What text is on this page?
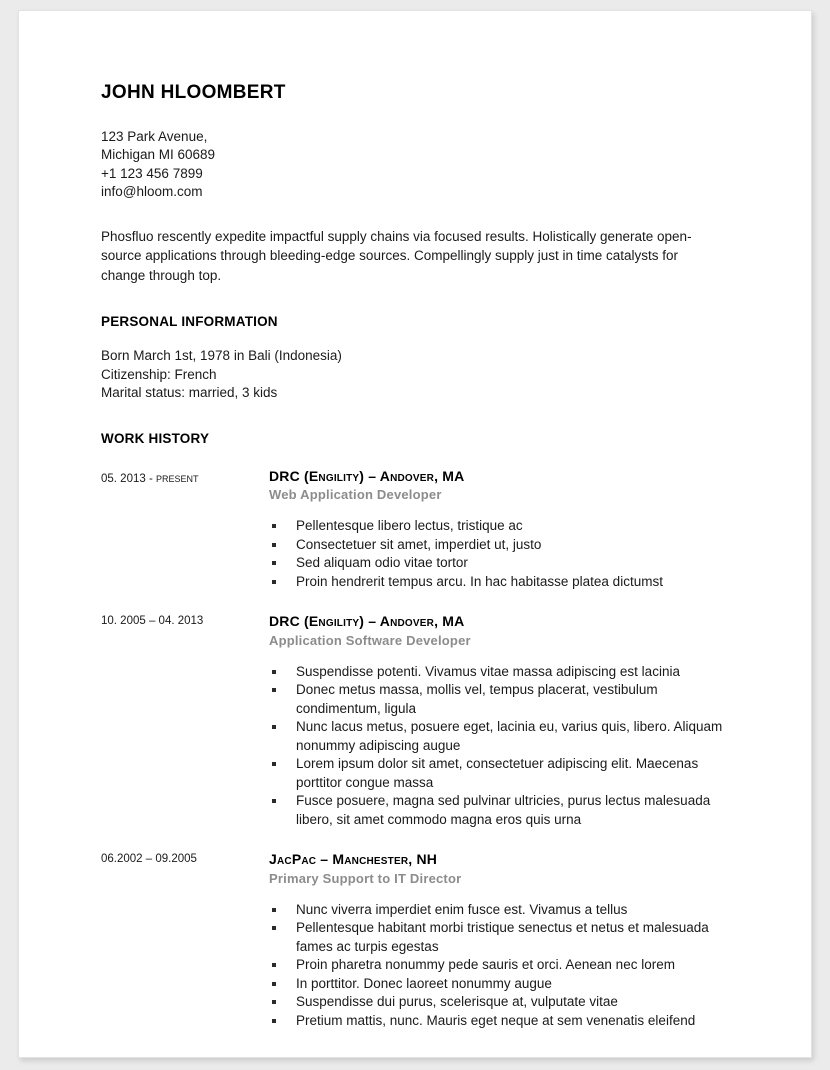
JOHN HLOOMBERT
123 Park Avenue,
Michigan MI 60689
+1 123 456 7899
info@hloom.com
Phosfluo rescently expedite impactful supply chains via focused results. Holistically generate open-source applications through bleeding-edge sources. Compellingly supply just in time catalysts for change through top.
PERSONAL INFORMATION
Born March 1st, 1978 in Bali (Indonesia)
Citizenship: French
Marital status: married, 3 kids
WORK HISTORY
05. 2013 - present	DRC (Engility) – Andover, MA
Web Application Developer
Pellentesque libero lectus, tristique ac
Consectetuer sit amet, imperdiet ut, justo
Sed aliquam odio vitae tortor
Proin hendrerit tempus arcu. In hac habitasse platea dictumst
10. 2005 – 04. 2013	DRC (Engility) – Andover, MA
Application Software Developer
Suspendisse potenti. Vivamus vitae massa adipiscing est lacinia
Donec metus massa, mollis vel, tempus placerat, vestibulum condimentum, ligula
Nunc lacus metus, posuere eget, lacinia eu, varius quis, libero. Aliquam nonummy adipiscing augue
Lorem ipsum dolor sit amet, consectetuer adipiscing elit. Maecenas porttitor congue massa
Fusce posuere, magna sed pulvinar ultricies, purus lectus malesuada libero, sit amet commodo magna eros quis urna
06.2002 – 09.2005	JacPac – Manchester, NH
Primary Support to IT Director
Nunc viverra imperdiet enim fusce est. Vivamus a tellus
Pellentesque habitant morbi tristique senectus et netus et malesuada fames ac turpis egestas
Proin pharetra nonummy pede sauris et orci. Aenean nec lorem
In porttitor. Donec laoreet nonummy augue
Suspendisse dui purus, scelerisque at, vulputate vitae
Pretium mattis, nunc. Mauris eget neque at sem venenatis eleifend
